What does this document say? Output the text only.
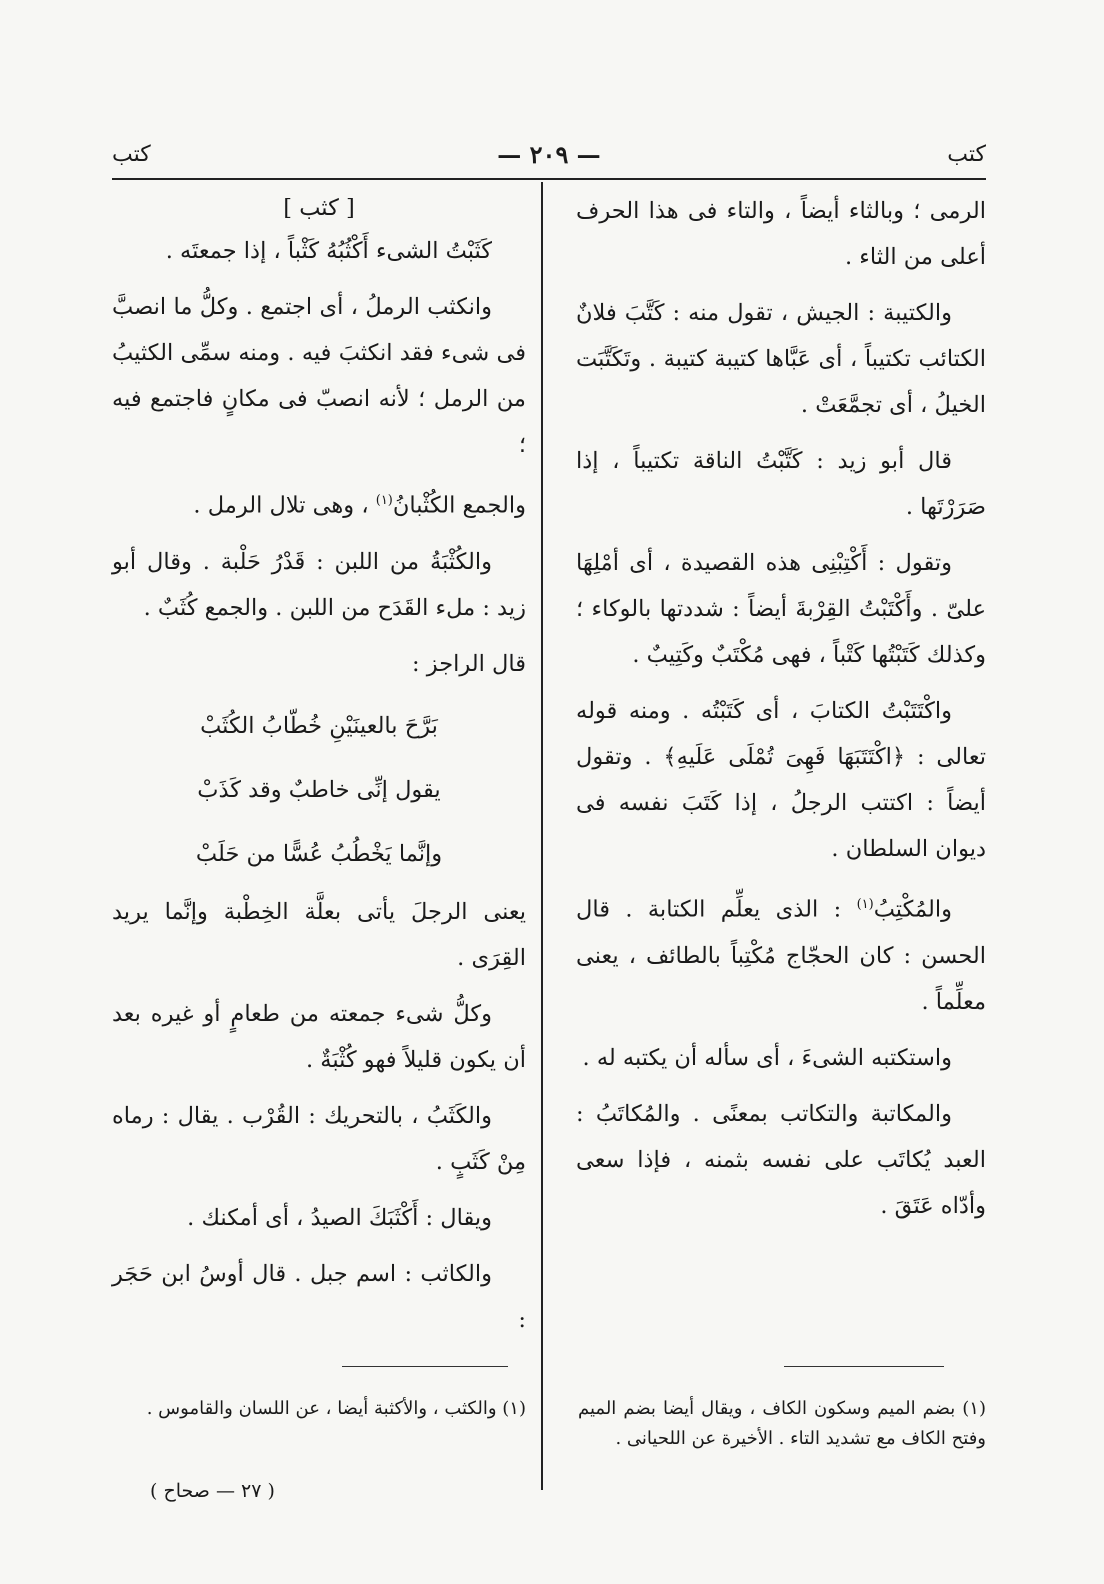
كتب
— ٢٠٩ —
كتب

الرمى ؛ وبالثاء أيضاً ، والتاء فى هذا الحرف أعلى من الثاء .

والكتيبة : الجيش ، تقول منه : كَتَّبَ فلانٌ الكتائب تكتيباً ، أى عَبَّاها كتيبة كتيبة . وتَكَتَّبَت الخيلُ ، أى تجمَّعَتْ .

قال أبو زيد : كَتَّبْتُ الناقة تكتيباً ، إذا صَرَرْتَها .

وتقول : أَكْتِبْنِى هذه القصيدة ، أى أمْلِهَا علىّ . وأَكْتَبْتُ القِرْبةَ أيضاً : شددتها بالوكاء ؛ وكذلك كَتَبْتُها كَتْباً ، فهى مُكْتَبٌ وكَتِيبٌ .

واكْتَتَبْتُ الكتابَ ، أى كَتَبْتُه . ومنه قوله تعالى : ﴿اكْتَتَبَهَا فَهِىَ تُمْلَى عَلَيهِ﴾ . وتقول أيضاً : اكتتب الرجلُ ، إذا كَتَبَ نفسه فى ديوان السلطان .

والمُكْتِبُ$^{(١)}$ : الذى يعلِّم الكتابة . قال الحسن : كان الحجّاج مُكْتِباً بالطائف ، يعنى معلِّماً .

واستكتبه الشىءَ ، أى سأله أن يكتبه له .

والمكاتبة والتكاتب بمعنًى . والمُكاتَبُ : العبد يُكاتَب على نفسه بثمنه ، فإذا سعى وأدّاه عَتَقَ .

[ كثب ]

كَثَبْتُ الشىء أَكْثُبُهُ كَثْباً ، إذا جمعتَه .

وانكثب الرملُ ، أى اجتمع . وكلُّ ما انصبَّ فى شىء فقد انكثبَ فيه . ومنه سمِّى الكثيبُ من الرمل ؛ لأنه انصبّ فى مكانٍ فاجتمع فيه ؛

والجمع الكُثْبانُ$^{(١)}$ ، وهى تلال الرمل .

والكُثْبَةُ من اللبن : قَدْرُ حَلْبة . وقال أبو زيد : ملء القَدَح من اللبن . والجمع كُثَبٌ .

قال الراجز :

بَرَّحَ بالعينَيْنِ خُطّابُ الكُثَبْ

يقول إنِّى خاطبٌ وقد كَذَبْ

وإنَّما يَخْطُبُ عُسًّا من حَلَبْ

يعنى الرجلَ يأتى بعلَّة الخِطْبة وإنَّما يريد القِرَى .

وكلُّ شىء جمعته من طعامٍ أو غيره بعد أن يكون قليلاً فهو كُثْبَةٌ .

والكَثَبُ ، بالتحريك : القُرْب . يقال : رماه مِنْ كَثَبٍ .

ويقال : أَكْثَبَكَ الصيدُ ، أى أمكنك .

والكاثب : اسم جبل . قال أوسُ ابن حَجَر :

(١) بضم الميم وسكون الكاف ، ويقال أيضا بضم الميم وفتح الكاف مع تشديد التاء . الأخيرة عن اللحيانى .
(١) والكثب ، والأكثبة أيضا ، عن اللسان والقاموس .
( ٢٧ — صحاح )
